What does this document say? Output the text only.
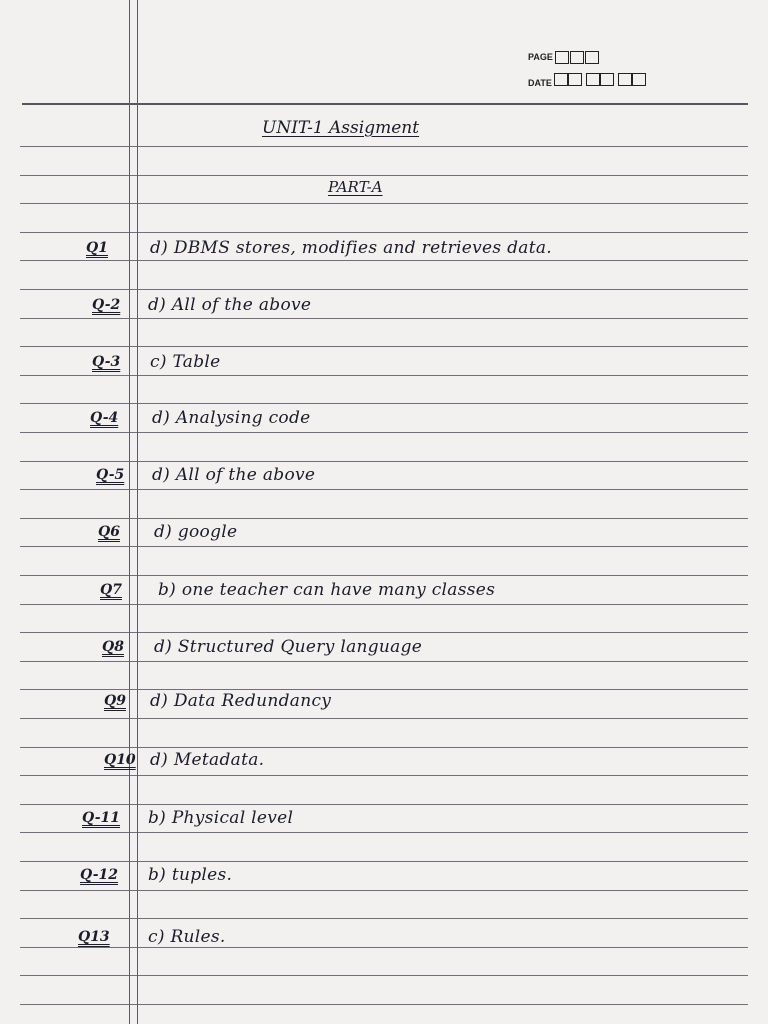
PAGE
DATE
UNIT-1 Assigment
PART-A
Q1 d) DBMS stores, modifies and retrieves data.
Q-2 d) All of the above
Q-3 c) Table
Q-4 d) Analysing code
Q-5 d) All of the above
Q6 d) google
Q7 b) one teacher can have many classes
Q8 d) Structured Query language
Q9 d) Data Redundancy
Q10 d) Metadata.
Q-11 b) Physical level
Q-12 b) tuples.
Q13 c) Rules.
